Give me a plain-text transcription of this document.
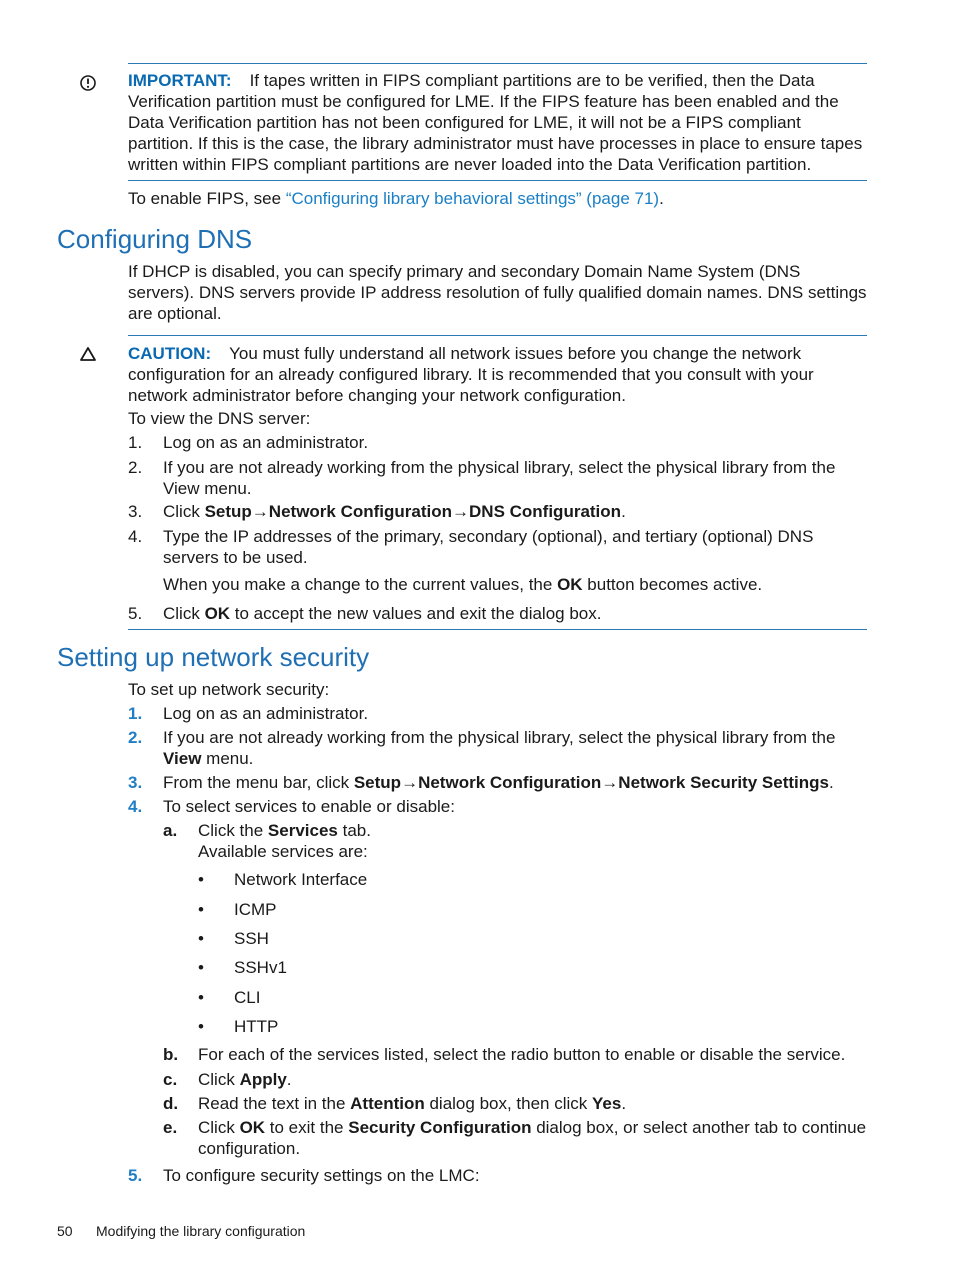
IMPORTANT: If tapes written in FIPS compliant partitions are to be verified, then the Data Verification partition must be configured for LME. If the FIPS feature has been enabled and the Data Verification partition has not been configured for LME, it will not be a FIPS compliant partition. If this is the case, the library administrator must have processes in place to ensure tapes written within FIPS compliant partitions are never loaded into the Data Verification partition.

To enable FIPS, see “Configuring library behavioral settings” (page 71).

Configuring DNS

If DHCP is disabled, you can specify primary and secondary Domain Name System (DNS servers). DNS servers provide IP address resolution of fully qualified domain names. DNS settings are optional.

CAUTION: You must fully understand all network issues before you change the network configuration for an already configured library. It is recommended that you consult with your network administrator before changing your network configuration.

To view the DNS server:

1.	Log on as an administrator.
2.	If you are not already working from the physical library, select the physical library from the View menu.
3.	Click Setup→Network Configuration→DNS Configuration.
4.	Type the IP addresses of the primary, secondary (optional), and tertiary (optional) DNS servers to be used.
When you make a change to the current values, the OK button becomes active.
5.	Click OK to accept the new values and exit the dialog box.
Setting up network security

To set up network security:

1.	Log on as an administrator.
2.	If you are not already working from the physical library, select the physical library from the View menu.
3.	From the menu bar, click Setup→Network Configuration→Network Security Settings.
4.	To select services to enable or disable:
a. Click the Services tab.
Available services are:
• Network Interface
• ICMP
• SSH
• SSHv1
• CLI
• HTTP
b. For each of the services listed, select the radio button to enable or disable the service.
c. Click Apply.
d. Read the text in the Attention dialog box, then click Yes.
e. Click OK to exit the Security Configuration dialog box, or select another tab to continue configuration.
5.	To configure security settings on the LMC:
50 Modifying the library configuration
